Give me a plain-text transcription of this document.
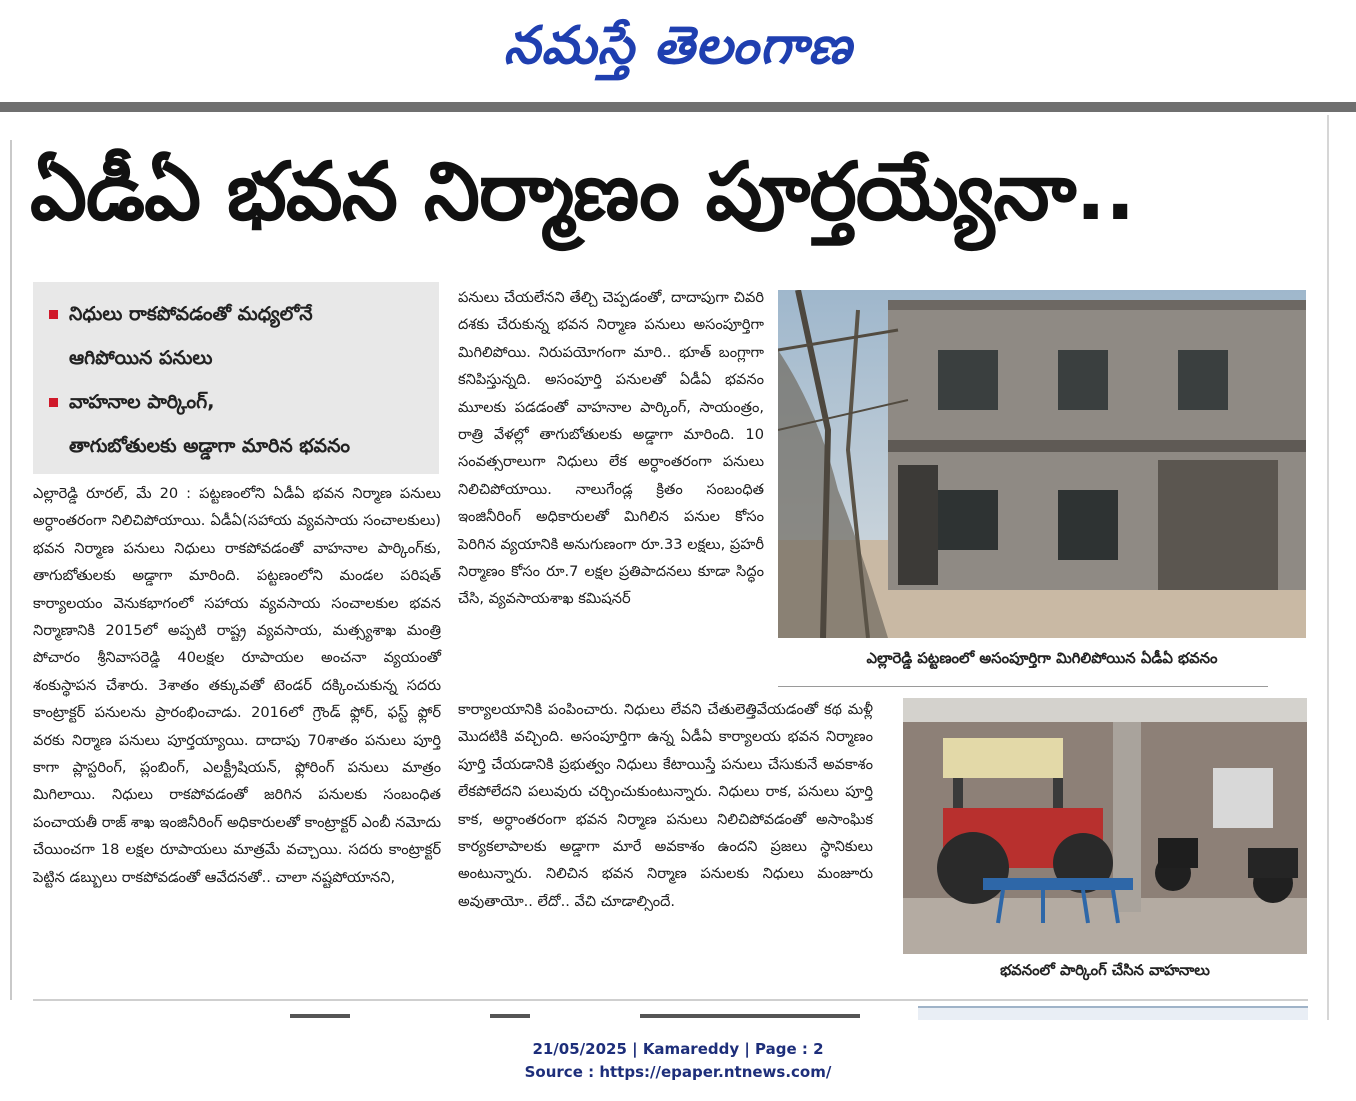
నమస్తే తెలంగాణ
ఏడీఏ భవన నిర్మాణం పూర్తయ్యేనా..
నిధులు రాకపోవడంతో మధ్యలోనే
ఆగిపోయిన పనులు
వాహనాల పార్కింగ్,
తాగుబోతులకు అడ్డాగా మారిన భవనం
ఎల్లారెడ్డి రూరల్, మే 20 : పట్టణంలోని ఏడీఏ భవన నిర్మాణ పనులు అర్ధాంతరంగా నిలిచిపోయాయి. ఏడీఏ(సహాయ వ్యవసాయ సంచాలకులు) భవన నిర్మాణ పనులు నిధులు రాకపోవడంతో వాహనాల పార్కింగ్‌కు, తాగుబోతులకు అడ్డాగా మారింది. పట్టణంలోని మండల పరిషత్ కార్యాలయం వెనుకభాగంలో సహాయ వ్యవసాయ సంచాలకుల భవన నిర్మాణానికి 2015లో అప్పటి రాష్ట్ర వ్యవసాయ, మత్స్యశాఖ మంత్రి పోచారం శ్రీనివాసరెడ్డి 40లక్షల రూపాయల అంచనా వ్యయంతో శంకుస్థాపన చేశారు. 3శాతం తక్కువతో టెండర్ దక్కించుకున్న సదరు కాంట్రాక్టర్ పనులను ప్రారంభించాడు. 2016లో గ్రౌండ్ ఫ్లోర్, ఫస్ట్ ఫ్లోర్ వరకు నిర్మాణ పనులు పూర్తయ్యాయి. దాదాపు 70శాతం పనులు పూర్తి కాగా ప్లాస్టరింగ్, ప్లంబింగ్, ఎలక్ట్రీషియన్, ఫ్లోరింగ్ పనులు మాత్రం మిగిలాయి. నిధులు రాకపోవడంతో జరిగిన పనులకు సంబంధిత పంచాయతీ రాజ్ శాఖ ఇంజినీరింగ్ అధికారులతో కాంట్రాక్టర్ ఎంబీ నమోదు చేయించగా 18 లక్షల రూపాయలు మాత్రమే వచ్చాయి. సదరు కాంట్రాక్టర్ పెట్టిన డబ్బులు రాకపోవడంతో ఆవేదనతో.. చాలా నష్టపోయానని,
పనులు చేయలేనని తేల్చి చెప్పడంతో, దాదాపుగా చివరి దశకు చేరుకున్న భవన నిర్మాణ పనులు అసంపూర్తిగా మిగిలిపోయి. నిరుపయోగంగా మారి.. భూత్ బంగ్లాగా కనిపిస్తున్నది. అసంపూర్తి పనులతో ఏడీఏ భవనం మూలకు పడడంతో వాహనాల పార్కింగ్, సాయంత్రం, రాత్రి వేళల్లో తాగుబోతులకు అడ్డాగా మారింది. 10 సంవత్సరాలుగా నిధులు లేక అర్ధాంతరంగా పనులు నిలిచిపోయాయి. నాలుగేండ్ల క్రితం సంబంధిత ఇంజినీరింగ్ అధికారులతో మిగిలిన పనుల కోసం పెరిగిన వ్యయానికి అనుగుణంగా రూ.33 లక్షలు, ప్రహరీ నిర్మాణం కోసం రూ.7 లక్షల ప్రతిపాదనలు కూడా సిద్ధం చేసి, వ్యవసాయశాఖ కమిషనర్
కార్యాలయానికి పంపించారు. నిధులు లేవని చేతులెత్తివేయడంతో కథ మళ్లీ మొదటికి వచ్చింది. అసంపూర్తిగా ఉన్న ఏడీఏ కార్యాలయ భవన నిర్మాణం పూర్తి చేయడానికి ప్రభుత్వం నిధులు కేటాయిస్తే పనులు చేసుకునే అవకాశం లేకపోలేదని పలువురు చర్చించుకుంటున్నారు. నిధులు రాక, పనులు పూర్తి కాక, అర్ధాంతరంగా భవన నిర్మాణ పనులు నిలిచిపోవడంతో అసాంఘిక కార్యకలాపాలకు అడ్డాగా మారే అవకాశం ఉందని ప్రజలు స్థానికులు అంటున్నారు. నిలిచిన భవన నిర్మాణ పనులకు నిధులు మంజూరు అవుతాయో.. లేదో.. వేచి చూడాల్సిందే.
ఎల్లారెడ్డి పట్టణంలో అసంపూర్తిగా మిగిలిపోయిన ఏడీఏ భవనం
భవనంలో పార్కింగ్ చేసిన వాహనాలు
21/05/2025 | Kamareddy | Page : 2
Source : https://epaper.ntnews.com/
